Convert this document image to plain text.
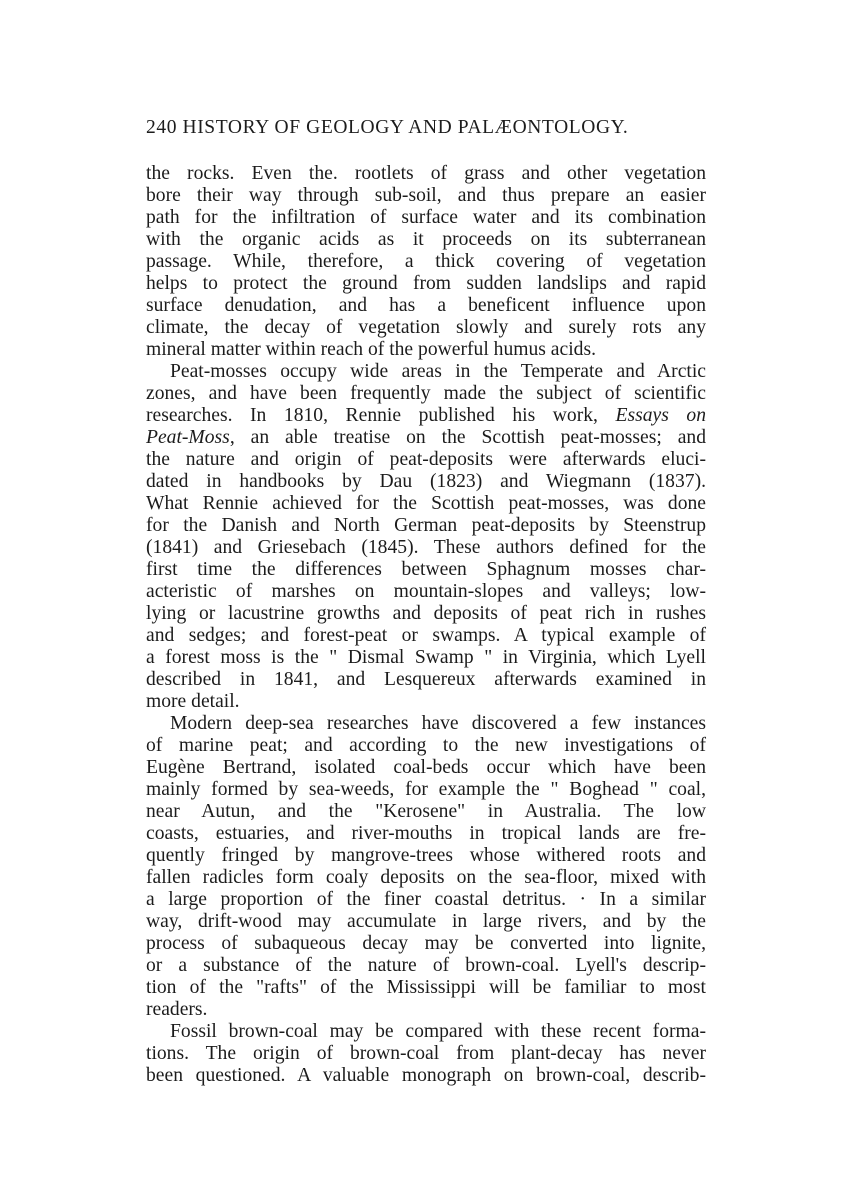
240 HISTORY OF GEOLOGY AND PALÆONTOLOGY.
the rocks. Even the. rootlets of grass and other vegetation
bore their way through sub-soil, and thus prepare an easier
path for the infiltration of surface water and its combination
with the organic acids as it proceeds on its subterranean
passage. While, therefore, a thick covering of vegetation
helps to protect the ground from sudden landslips and rapid
surface denudation, and has a beneficent influence upon
climate, the decay of vegetation slowly and surely rots any
mineral matter within reach of the powerful humus acids.
Peat-mosses occupy wide areas in the Temperate and Arctic
zones, and have been frequently made the subject of scientific
researches. In 1810, Rennie published his work, Essays on
Peat-Moss, an able treatise on the Scottish peat-mosses; and
the nature and origin of peat-deposits were afterwards eluci-
dated in handbooks by Dau (1823) and Wiegmann (1837).
What Rennie achieved for the Scottish peat-mosses, was done
for the Danish and North German peat-deposits by Steenstrup
(1841) and Griesebach (1845). These authors defined for the
first time the differences between Sphagnum mosses char-
acteristic of marshes on mountain-slopes and valleys; low-
lying or lacustrine growths and deposits of peat rich in rushes
and sedges; and forest-peat or swamps. A typical example of
a forest moss is the " Dismal Swamp " in Virginia, which Lyell
described in 1841, and Lesquereux afterwards examined in
more detail.
Modern deep-sea researches have discovered a few instances
of marine peat; and according to the new investigations of
Eugène Bertrand, isolated coal-beds occur which have been
mainly formed by sea-weeds, for example the " Boghead " coal,
near Autun, and the "Kerosene" in Australia. The low
coasts, estuaries, and river-mouths in tropical lands are fre-
quently fringed by mangrove-trees whose withered roots and
fallen radicles form coaly deposits on the sea-floor, mixed with
a large proportion of the finer coastal detritus. · In a similar
way, drift-wood may accumulate in large rivers, and by the
process of subaqueous decay may be converted into lignite,
or a substance of the nature of brown-coal. Lyell's descrip-
tion of the "rafts" of the Mississippi will be familiar to most
readers.
Fossil brown-coal may be compared with these recent forma-
tions. The origin of brown-coal from plant-decay has never
been questioned. A valuable monograph on brown-coal, describ-
